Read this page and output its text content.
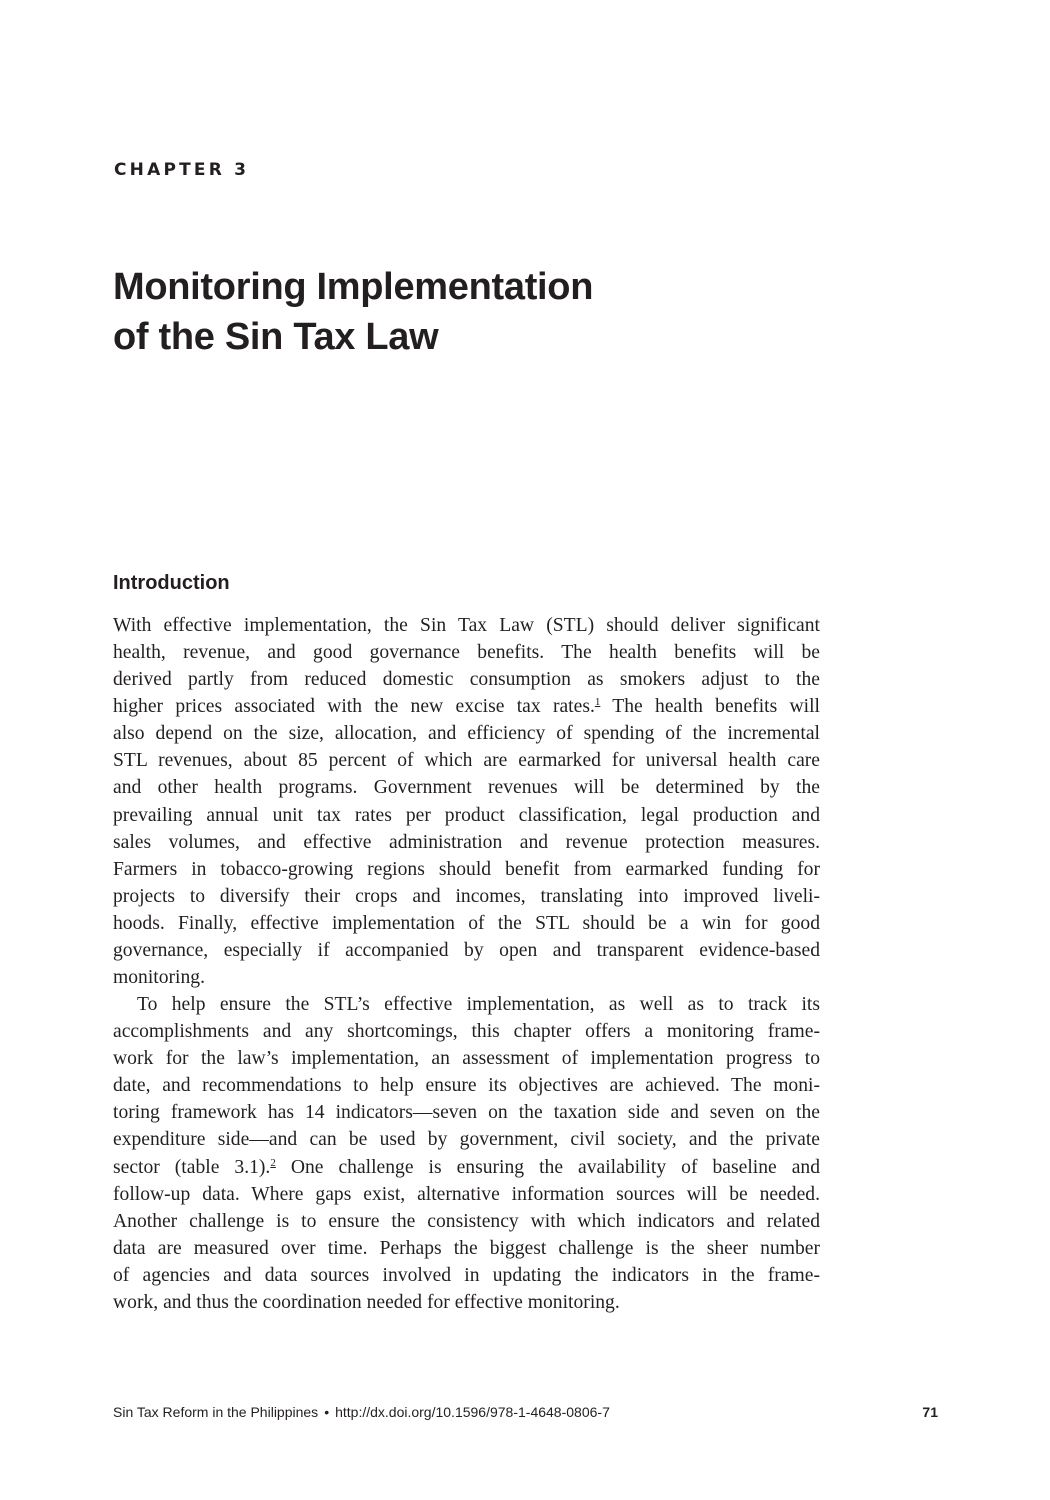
CHAPTER 3
Monitoring Implementation
of the Sin Tax Law
Introduction
With effective implementation, the Sin Tax Law (STL) should deliver significant
health, revenue, and good governance benefits. The health benefits will be
derived partly from reduced domestic consumption as smokers adjust to the
higher prices associated with the new excise tax rates.$^1$ The health benefits will
also depend on the size, allocation, and efficiency of spending of the incremental
STL revenues, about 85 percent of which are earmarked for universal health care
and other health programs. Government revenues will be determined by the
prevailing annual unit tax rates per product classification, legal production and
sales volumes, and effective administration and revenue protection measures.
Farmers in tobacco-growing regions should benefit from earmarked funding for
projects to diversify their crops and incomes, translating into improved liveli-
hoods. Finally, effective implementation of the STL should be a win for good
governance, especially if accompanied by open and transparent evidence-based
monitoring.
To help ensure the STL’s effective implementation, as well as to track its
accomplishments and any shortcomings, this chapter offers a monitoring frame-
work for the law’s implementation, an assessment of implementation progress to
date, and recommendations to help ensure its objectives are achieved. The moni-
toring framework has 14 indicators—seven on the taxation side and seven on the
expenditure side—and can be used by government, civil society, and the private
sector (table 3.1).$^2$ One challenge is ensuring the availability of baseline and
follow-up data. Where gaps exist, alternative information sources will be needed.
Another challenge is to ensure the consistency with which indicators and related
data are measured over time. Perhaps the biggest challenge is the sheer number
of agencies and data sources involved in updating the indicators in the frame-
work, and thus the coordination needed for effective monitoring.
Sin Tax Reform in the Philippines • http://dx.doi.org/10.1596/978-1-4648-0806-7	71
